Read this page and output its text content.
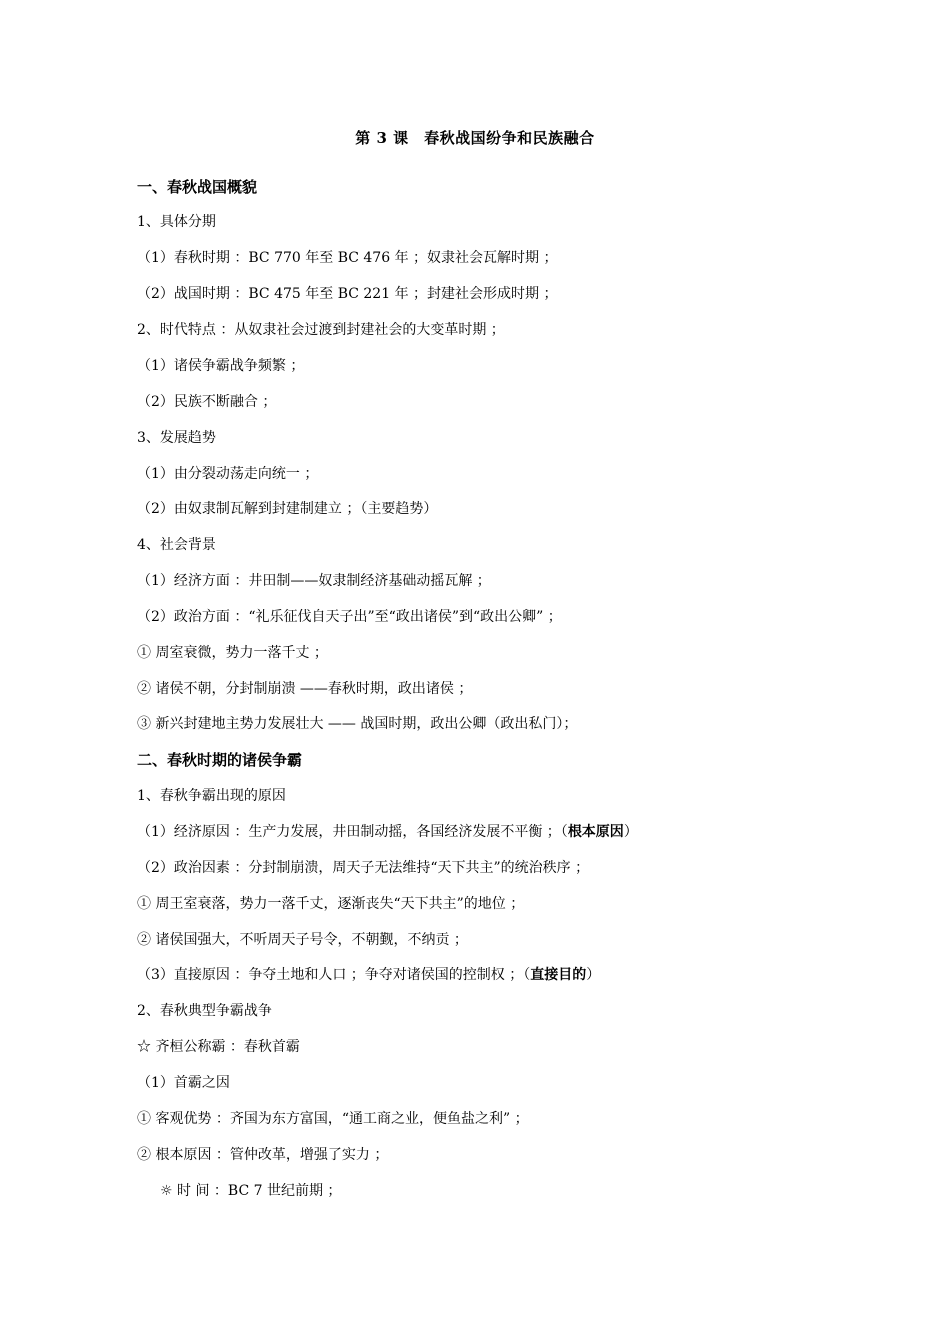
第 3 课　春秋战国纷争和民族融合
一、春秋战国概貌
1、具体分期
（1）春秋时期 ：BC 770 年至 BC 476 年 ；奴隶社会瓦解时期 ；
（2）战国时期 ：BC 475 年至 BC 221 年 ；封建社会形成时期 ；
2、时代特点 ：从奴隶社会过渡到封建社会的大变革时期 ；
（1）诸侯争霸战争频繁 ；
（2）民族不断融合 ；
3、发展趋势
（1）由分裂动荡走向统一 ；
（2）由奴隶制瓦解到封建制建立 ；（主要趋势）
4、社会背景
（1）经济方面 ：井田制——奴隶制经济基础动摇瓦解 ；
（2）政治方面 ：“礼乐征伐自天子出”至“政出诸侯”到“政出公卿” ；
① 周室衰微，势力一落千丈 ；
② 诸侯不朝，分封制崩溃 ——春秋时期，政出诸侯 ；
③ 新兴封建地主势力发展壮大 —— 战国时期，政出公卿（政出私门）；
二、春秋时期的诸侯争霸
1、春秋争霸出现的原因
（1）经济原因 ：生产力发展，井田制动摇，各国经济发展不平衡 ；（根本原因）
（2）政治因素 ：分封制崩溃，周天子无法维持“天下共主”的统治秩序 ；
① 周王室衰落，势力一落千丈，逐渐丧失“天下共主”的地位 ；
② 诸侯国强大，不听周天子号令，不朝觐，不纳贡 ；
（3）直接原因 ：争夺土地和人口 ；争夺对诸侯国的控制权 ；（直接目的）
2、春秋典型争霸战争
☆ 齐桓公称霸 ：春秋首霸
（1）首霸之因
① 客观优势 ：齐国为东方富国，“通工商之业，便鱼盐之利” ；
② 根本原因 ：管仲改革，增强了实力 ；
☼ 时 间 ：BC 7 世纪前期 ；
